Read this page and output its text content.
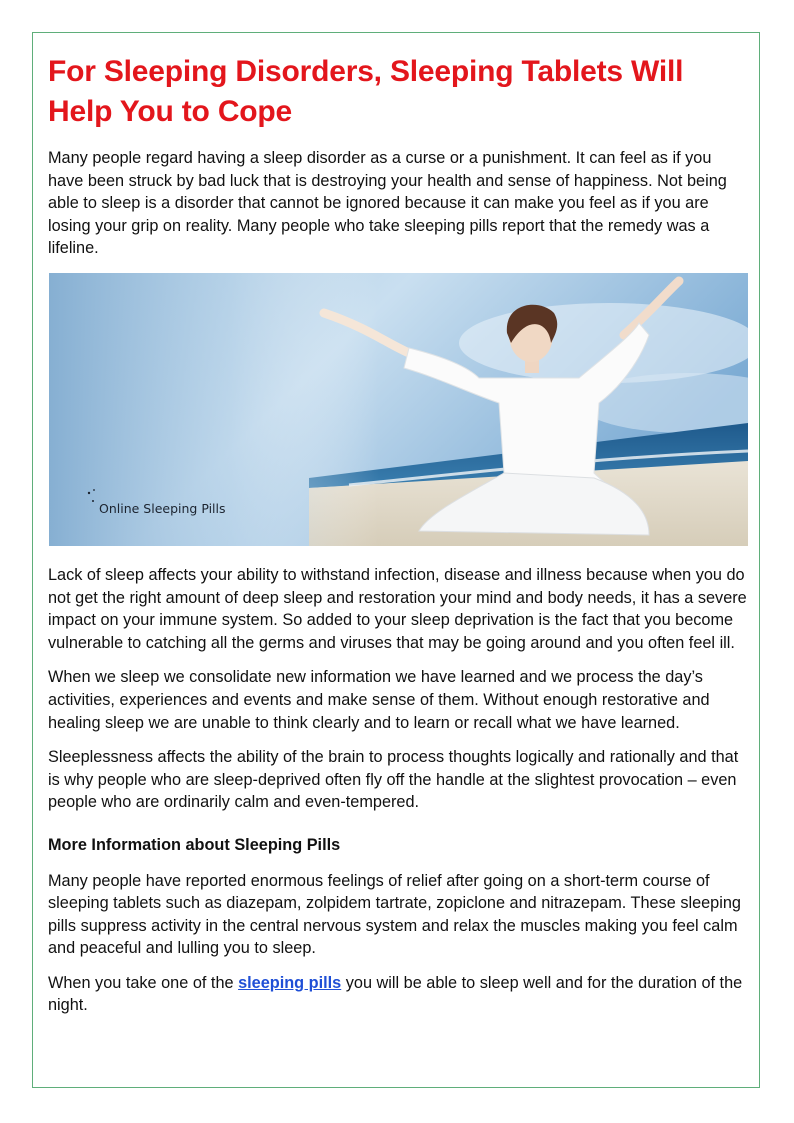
For Sleeping Disorders, Sleeping Tablets Will Help You to Cope

Many people regard having a sleep disorder as a curse or a punishment. It can feel as if you have been struck by bad luck that is destroying your health and sense of happiness. Not being able to sleep is a disorder that cannot be ignored because it can make you feel as if you are losing your grip on reality. Many people who take sleeping pills report that the remedy was a lifeline.

Online Sleeping Pills

Lack of sleep affects your ability to withstand infection, disease and illness because when you do not get the right amount of deep sleep and restoration your mind and body needs, it has a severe impact on your immune system. So added to your sleep deprivation is the fact that you become vulnerable to catching all the germs and viruses that may be going around and you often feel ill.

When we sleep we consolidate new information we have learned and we process the day’s activities, experiences and events and make sense of them. Without enough restorative and healing sleep we are unable to think clearly and to learn or recall what we have learned.

Sleeplessness affects the ability of the brain to process thoughts logically and rationally and that is why people who are sleep-deprived often fly off the handle at the slightest provocation – even people who are ordinarily calm and even-tempered.

More Information about Sleeping Pills

Many people have reported enormous feelings of relief after going on a short-term course of sleeping tablets such as diazepam, zolpidem tartrate, zopiclone and nitrazepam. These sleeping pills suppress activity in the central nervous system and relax the muscles making you feel calm and peaceful and lulling you to sleep.

When you take one of the sleeping pills you will be able to sleep well and for the duration of the night.
